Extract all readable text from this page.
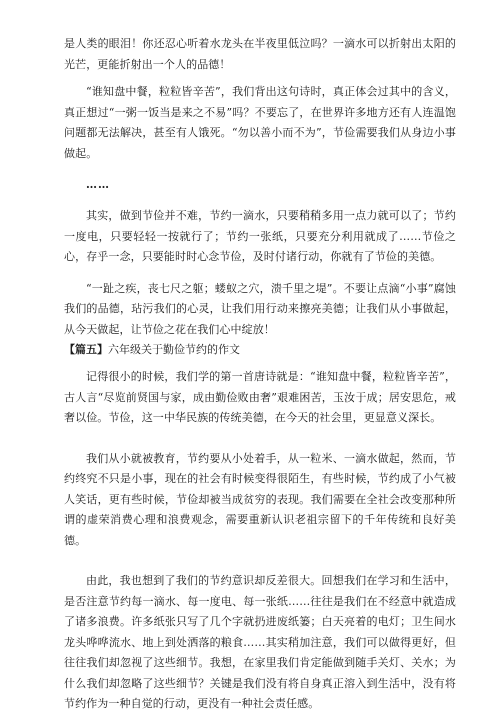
是人类的眼泪！你还忍心听着水龙头在半夜里低泣吗？一滴水可以折射出太阳的光芒，更能折射出一个人的品德！

“谁知盘中餐，粒粒皆辛苦”，我们背出这句诗时，真正体会过其中的含义，真正想过“一粥一饭当是来之不易”吗？不要忘了，在世界许多地方还有人连温饱问题都无法解决，甚至有人饿死。“勿以善小而不为”，节俭需要我们从身边小事做起。

……

其实，做到节俭并不难，节约一滴水，只要稍稍多用一点力就可以了；节约一度电，只要轻轻一按就行了；节约一张纸，只要充分利用就成了……节俭之心，存乎一念，只要能时时心念节俭，及时付诸行动，你就有了节俭的美德。

“一趾之疾，丧七尺之躯；蝼蚁之穴，溃千里之堤”。不要让点滴“小事”腐蚀我们的品德，玷污我们的心灵，让我们用行动来擦亮美德；让我们从小事做起，从今天做起，让节俭之花在我们心中绽放！

【篇五】六年级关于勤俭节约的作文

记得很小的时候，我们学的第一首唐诗就是：“谁知盘中餐，粒粒皆辛苦”，古人言“尽览前贤国与家，成由勤俭败由奢”艰难困苦，玉汝于成；居安思危，戒奢以俭。节俭，这一中华民族的传统美德，在今天的社会里，更显意义深长。

我们从小就被教育，节约要从小处着手，从一粒米、一滴水做起，然而，节约终究不只是小事，现在的社会有时候变得很陌生，有些时候，节约成了小气被人笑话，更有些时候，节俭却被当成贫穷的表现。我们需要在全社会改变那种所谓的虚荣消费心理和浪费观念，需要重新认识老祖宗留下的千年传统和良好美德。

由此，我也想到了我们的节约意识却反差很大。回想我们在学习和生活中，是否注意节约每一滴水、每一度电、每一张纸……往往是我们在不经意中就造成了诸多浪费。许多纸张只写了几个字就扔进废纸篓；白天亮着的电灯；卫生间水龙头哗哗流水、地上到处洒落的粮食……其实稍加注意，我们可以做得更好，但往往我们却忽视了这些细节。我想，在家里我们肯定能做到随手关灯、关水；为什么我们却忽略了这些细节？关键是我们没有将自身真正溶入到生活中，没有将节约作为一种自觉的行动，更没有一种社会责任感。
